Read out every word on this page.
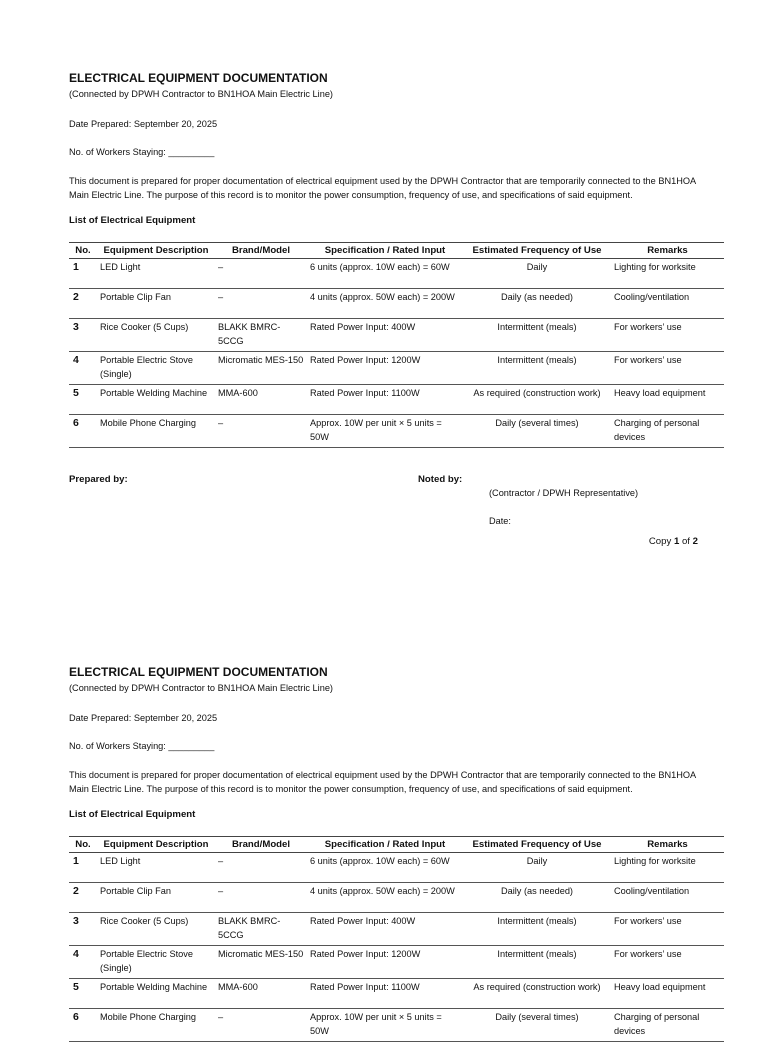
ELECTRICAL EQUIPMENT DOCUMENTATION
(Connected by DPWH Contractor to BN1HOA Main Electric Line)
Date Prepared: September 20, 2025
No. of Workers Staying: _________
This document is prepared for proper documentation of electrical equipment used by the DPWH Contractor that are temporarily connected to the BN1HOA Main Electric Line. The purpose of this record is to monitor the power consumption, frequency of use, and specifications of said equipment.
List of Electrical Equipment
No.	Equipment Description	Brand/Model	Specification / Rated Input	Estimated Frequency of Use	Remarks
1	LED Light	–	6 units (approx. 10W each) = 60W	Daily	Lighting for worksite
2	Portable Clip Fan	–	4 units (approx. 50W each) = 200W	Daily (as needed)	Cooling/ventilation
3	Rice Cooker (5 Cups)	BLAKK BMRC-5CCG	Rated Power Input: 400W	Intermittent (meals)	For workers’ use
4	Portable Electric Stove (Single)	Micromatic MES-150	Rated Power Input: 1200W	Intermittent (meals)	For workers’ use
5	Portable Welding Machine	MMA-600	Rated Power Input: 1100W	As required (construction work)	Heavy load equipment
6	Mobile Phone Charging	–	Approx. 10W per unit × 5 units = 50W	Daily (several times)	Charging of personal devices
Prepared by:	Noted by:
(Contractor / DPWH Representative)
Date:
Copy 1 of 2
ELECTRICAL EQUIPMENT DOCUMENTATION
(Connected by DPWH Contractor to BN1HOA Main Electric Line)
Date Prepared: September 20, 2025
No. of Workers Staying: _________
This document is prepared for proper documentation of electrical equipment used by the DPWH Contractor that are temporarily connected to the BN1HOA Main Electric Line. The purpose of this record is to monitor the power consumption, frequency of use, and specifications of said equipment.
List of Electrical Equipment
No.	Equipment Description	Brand/Model	Specification / Rated Input	Estimated Frequency of Use	Remarks
1	LED Light	–	6 units (approx. 10W each) = 60W	Daily	Lighting for worksite
2	Portable Clip Fan	–	4 units (approx. 50W each) = 200W	Daily (as needed)	Cooling/ventilation
3	Rice Cooker (5 Cups)	BLAKK BMRC-5CCG	Rated Power Input: 400W	Intermittent (meals)	For workers’ use
4	Portable Electric Stove (Single)	Micromatic MES-150	Rated Power Input: 1200W	Intermittent (meals)	For workers’ use
5	Portable Welding Machine	MMA-600	Rated Power Input: 1100W	As required (construction work)	Heavy load equipment
6	Mobile Phone Charging	–	Approx. 10W per unit × 5 units = 50W	Daily (several times)	Charging of personal devices
